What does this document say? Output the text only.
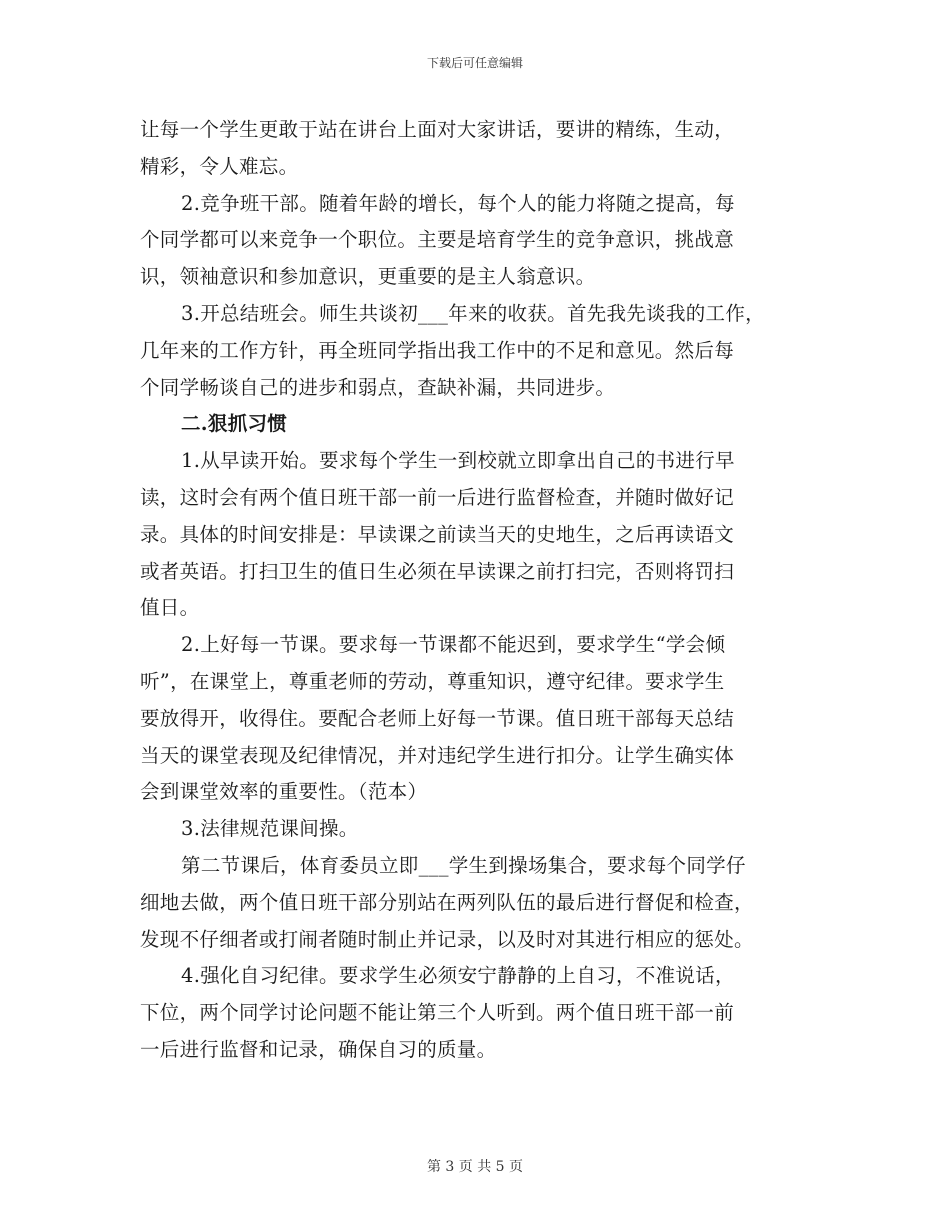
下载后可任意编辑
让每一个学生更敢于站在讲台上面对大家讲话，要讲的精练，生动，
精彩，令人难忘。
2.竞争班干部。随着年龄的增长，每个人的能力将随之提高，每
个同学都可以来竞争一个职位。主要是培育学生的竞争意识，挑战意
识，领袖意识和参加意识，更重要的是主人翁意识。
3.开总结班会。师生共谈初___年来的收获。首先我先谈我的工作，
几年来的工作方针，再全班同学指出我工作中的不足和意见。然后每
个同学畅谈自己的进步和弱点，查缺补漏，共同进步。
二.狠抓习惯
1.从早读开始。要求每个学生一到校就立即拿出自己的书进行早
读，这时会有两个值日班干部一前一后进行监督检查，并随时做好记
录。具体的时间安排是：早读课之前读当天的史地生，之后再读语文
或者英语。打扫卫生的值日生必须在早读课之前打扫完，否则将罚扫
值日。
2.上好每一节课。要求每一节课都不能迟到，要求学生“学会倾
听”，在课堂上，尊重老师的劳动，尊重知识，遵守纪律。要求学生
要放得开，收得住。要配合老师上好每一节课。值日班干部每天总结
当天的课堂表现及纪律情况，并对违纪学生进行扣分。让学生确实体
会到课堂效率的重要性。（范本）
3.法律规范课间操。
第二节课后，体育委员立即___学生到操场集合，要求每个同学仔
细地去做，两个值日班干部分别站在两列队伍的最后进行督促和检查，
发现不仔细者或打闹者随时制止并记录，以及时对其进行相应的惩处。
4.强化自习纪律。要求学生必须安宁静静的上自习，不准说话，
下位，两个同学讨论问题不能让第三个人听到。两个值日班干部一前
一后进行监督和记录，确保自习的质量。
第 3 页 共 5 页
